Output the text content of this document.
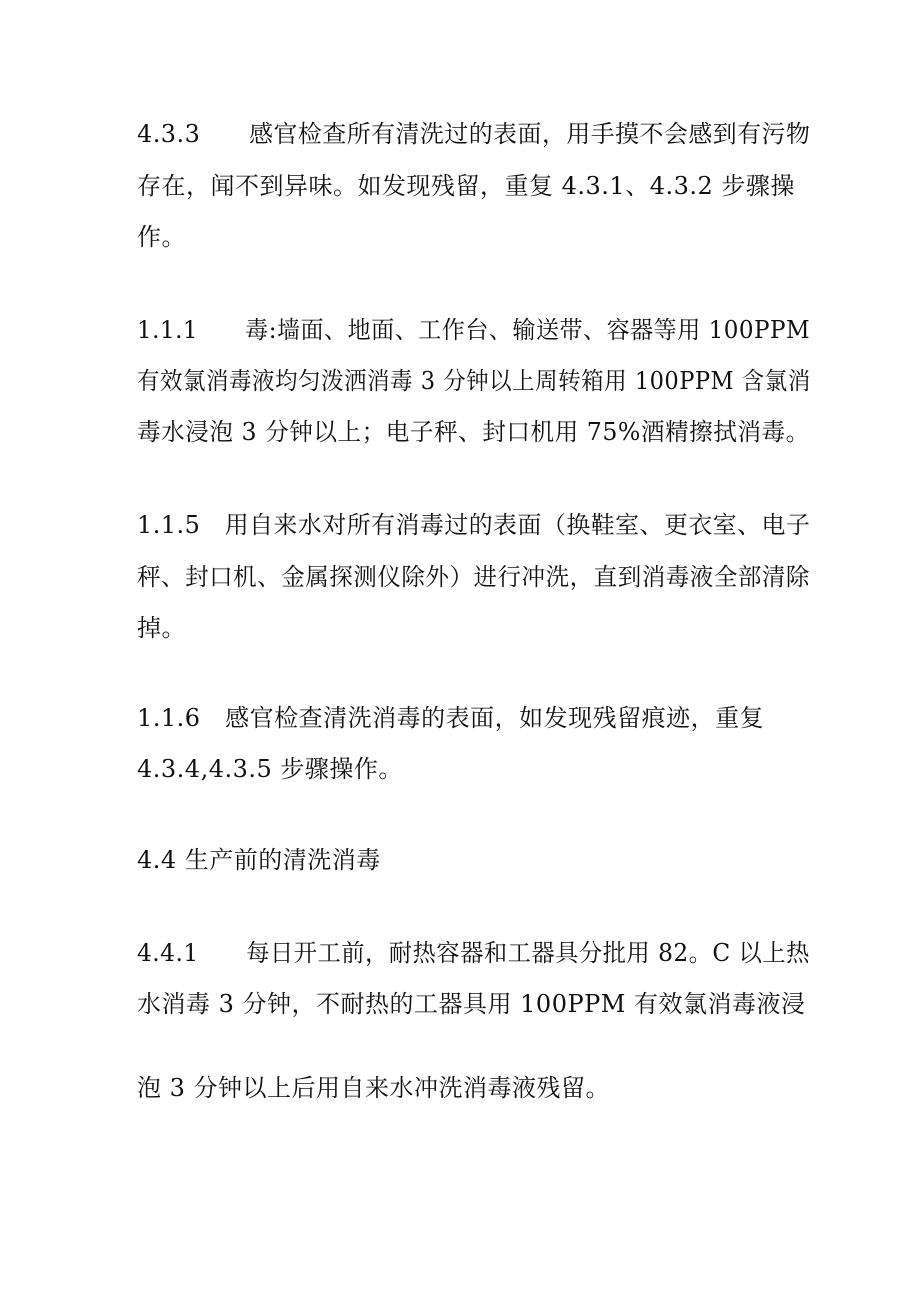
4.3.3　　感官检查所有清洗过的表面，用手摸不会感到有污物
存在，闻不到异味。如发现残留，重复 4.3.1、4.3.2 步骤操
作。
1.1.1　　毒:墙面、地面、工作台、输送带、容器等用 100PPM
有效氯消毒液均匀泼洒消毒 3 分钟以上周转箱用 100PPM 含氯消
毒水浸泡 3 分钟以上；电子秤、封口机用 75%酒精擦拭消毒。
1.1.5　用自来水对所有消毒过的表面（换鞋室、更衣室、电子
秤、封口机、金属探测仪除外）进行冲洗，直到消毒液全部清除
掉。
1.1.6　感官检查清洗消毒的表面，如发现残留痕迹，重复
4.3.4,4.3.5 步骤操作。
4.4 生产前的清洗消毒
4.4.1　　每日开工前，耐热容器和工器具分批用 82。C 以上热
水消毒 3 分钟，不耐热的工器具用 100PPM 有效氯消毒液浸
泡 3 分钟以上后用自来水冲洗消毒液残留。
